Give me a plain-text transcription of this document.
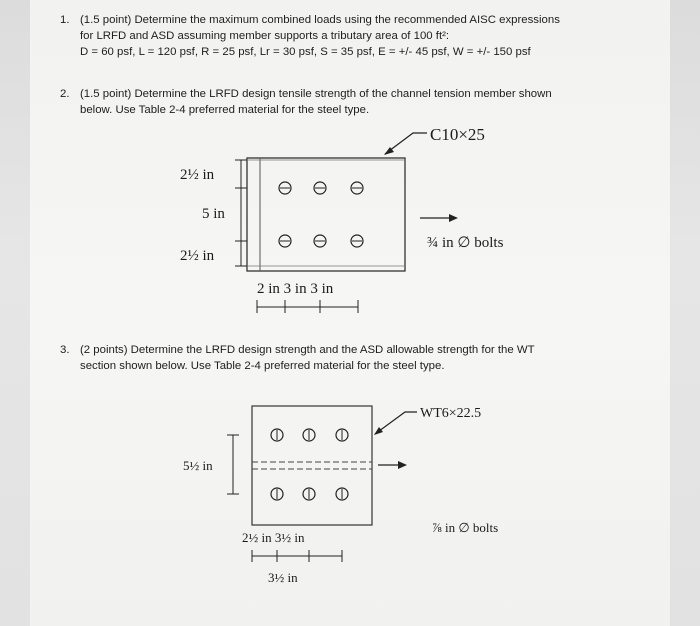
1. (1.5 point) Determine the maximum combined loads using the recommended AISC expressions
for LRFD and ASD assuming member supports a tributary area of 100 ft²:
D = 60 psf, L = 120 psf, R = 25 psf, Lr = 30 psf, S = 35 psf, E = +/- 45 psf, W = +/- 150 psf
2. (1.5 point) Determine the LRFD design tensile strength of the channel tension member shown
below. Use Table 2-4 preferred material for the steel type.
C10×25
2½ in
5 in
2½ in
¾ in ∅ bolts
2 in 3 in 3 in
3. (2 points) Determine the LRFD design strength and the ASD allowable strength for the WT
section shown below. Use Table 2-4 preferred material for the steel type.
WT6×22.5
5½ in
⅞ in ∅ bolts
2½ in 3½ in
3½ in
